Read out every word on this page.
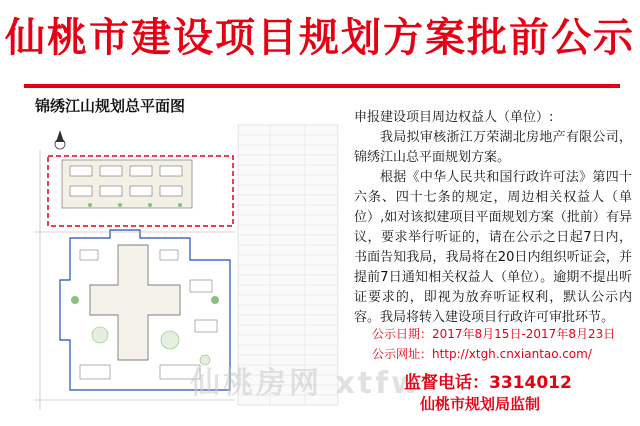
仙桃市建设项目规划方案批前公示
锦绣江山规划总平面图

申报建设项目周边权益人（单位）:

我局拟审核浙江万荣湖北房地产有限公司，锦绣江山总平面规划方案。

根据《中华人民共和国行政许可法》第四十六条、四十七条的规定，周边相关权益人（单位）,如对该拟建项目平面规划方案（批前）有异议，要求举行听证的，请在公示之日起7日内，书面告知我局，我局将在20日内组织听证会，并提前7日通知相关权益人（单位）。逾期不提出听证要求的，即视为放弃听证权利，默认公示内容。我局将转入建设项目行政许可审批环节。

公示日期：2017年8月15日-2017年8月23日
公示网址：http://xtgh.cnxiantao.com/
仙桃房网 xtfw
监督电话：3314012
仙桃市规划局监制
